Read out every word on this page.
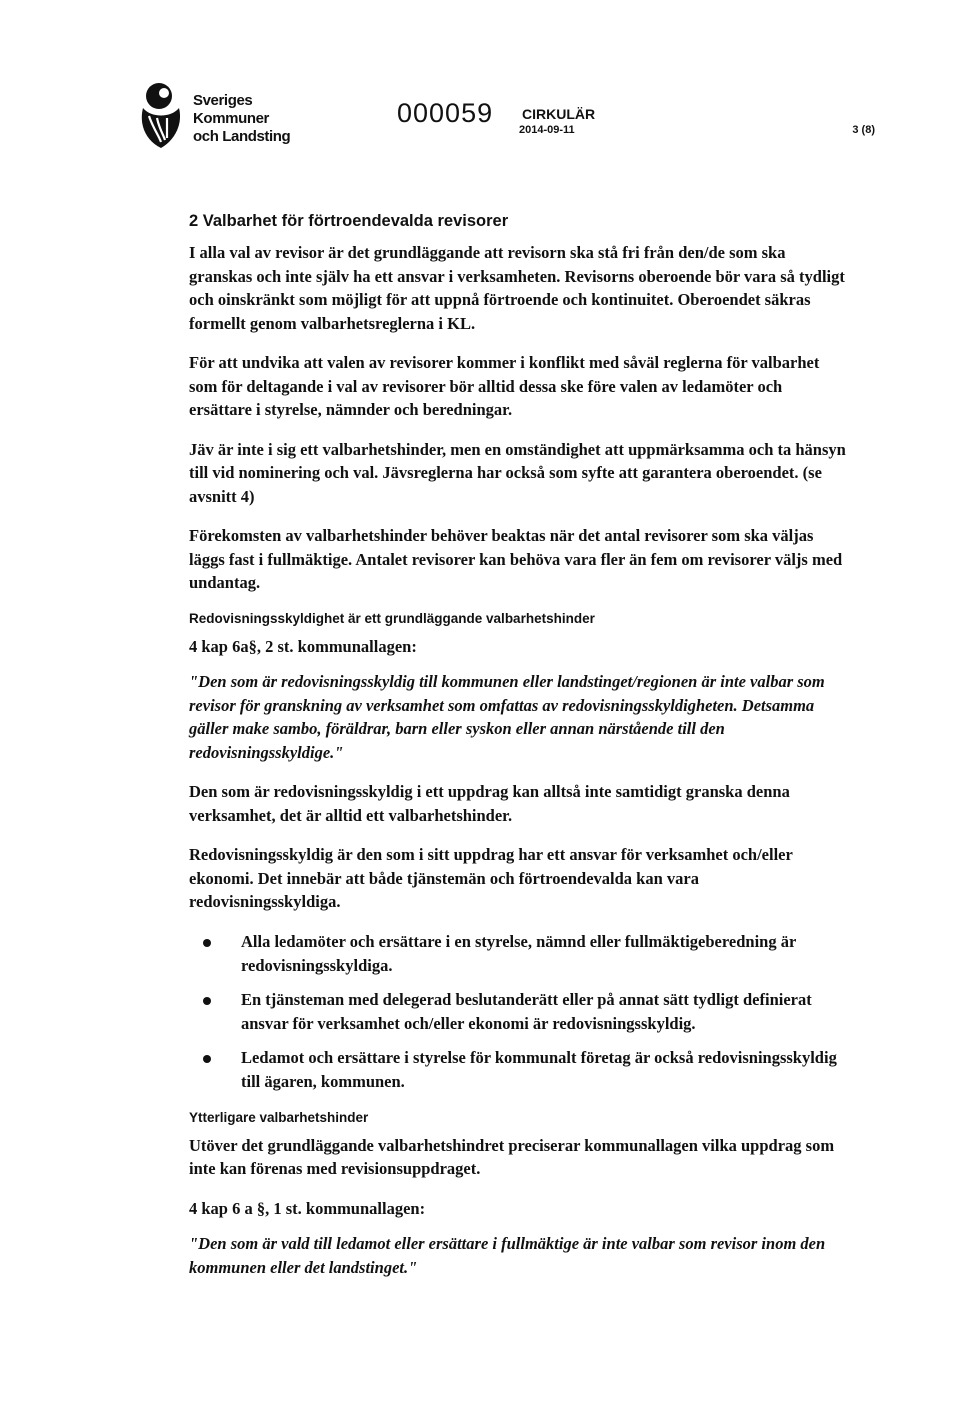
Sveriges
Kommuner
och Landsting
000059 CIRKULÄR
2014-09-11	3 (8)
2 Valbarhet för förtroendevalda revisorer

I alla val av revisor är det grundläggande att revisorn ska stå fri från den/de som ska granskas och inte själv ha ett ansvar i verksamheten. Revisorns oberoende bör vara så tydligt och oinskränkt som möjligt för att uppnå förtroende och kontinuitet. Oberoendet säkras formellt genom valbarhetsreglerna i KL.

För att undvika att valen av revisorer kommer i konflikt med såväl reglerna för valbarhet som för deltagande i val av revisorer bör alltid dessa ske före valen av ledamöter och ersättare i styrelse, nämnder och beredningar.

Jäv är inte i sig ett valbarhetshinder, men en omständighet att uppmärksamma och ta hänsyn till vid nominering och val. Jävsreglerna har också som syfte att garantera oberoendet. (se avsnitt 4)

Förekomsten av valbarhetshinder behöver beaktas när det antal revisorer som ska väljas läggs fast i fullmäktige. Antalet revisorer kan behöva vara fler än fem om revisorer väljs med undantag.

Redovisningsskyldighet är ett grundläggande valbarhetshinder

4 kap 6a§, 2 st. kommunallagen:

"Den som är redovisningsskyldig till kommunen eller landstinget/regionen är inte valbar som revisor för granskning av verksamhet som omfattas av redovisningsskyldigheten. Detsamma gäller make sambo, föräldrar, barn eller syskon eller annan närstående till den redovisningsskyldige."

Den som är redovisningsskyldig i ett uppdrag kan alltså inte samtidigt granska denna verksamhet, det är alltid ett valbarhetshinder.

Redovisningsskyldig är den som i sitt uppdrag har ett ansvar för verksamhet och/eller ekonomi. Det innebär att både tjänstemän och förtroendevalda kan vara redovisningsskyldiga.

Alla ledamöter och ersättare i en styrelse, nämnd eller fullmäktigeberedning är redovisningsskyldiga.
En tjänsteman med delegerad beslutanderätt eller på annat sätt tydligt definierat ansvar för verksamhet och/eller ekonomi är redovisningsskyldig.
Ledamot och ersättare i styrelse för kommunalt företag är också redovisningsskyldig till ägaren, kommunen.
Ytterligare valbarhetshinder

Utöver det grundläggande valbarhetshindret preciserar kommunallagen vilka uppdrag som inte kan förenas med revisionsuppdraget.

4 kap 6 a §, 1 st. kommunallagen:

"Den som är vald till ledamot eller ersättare i fullmäktige är inte valbar som revisor inom den kommunen eller det landstinget."
